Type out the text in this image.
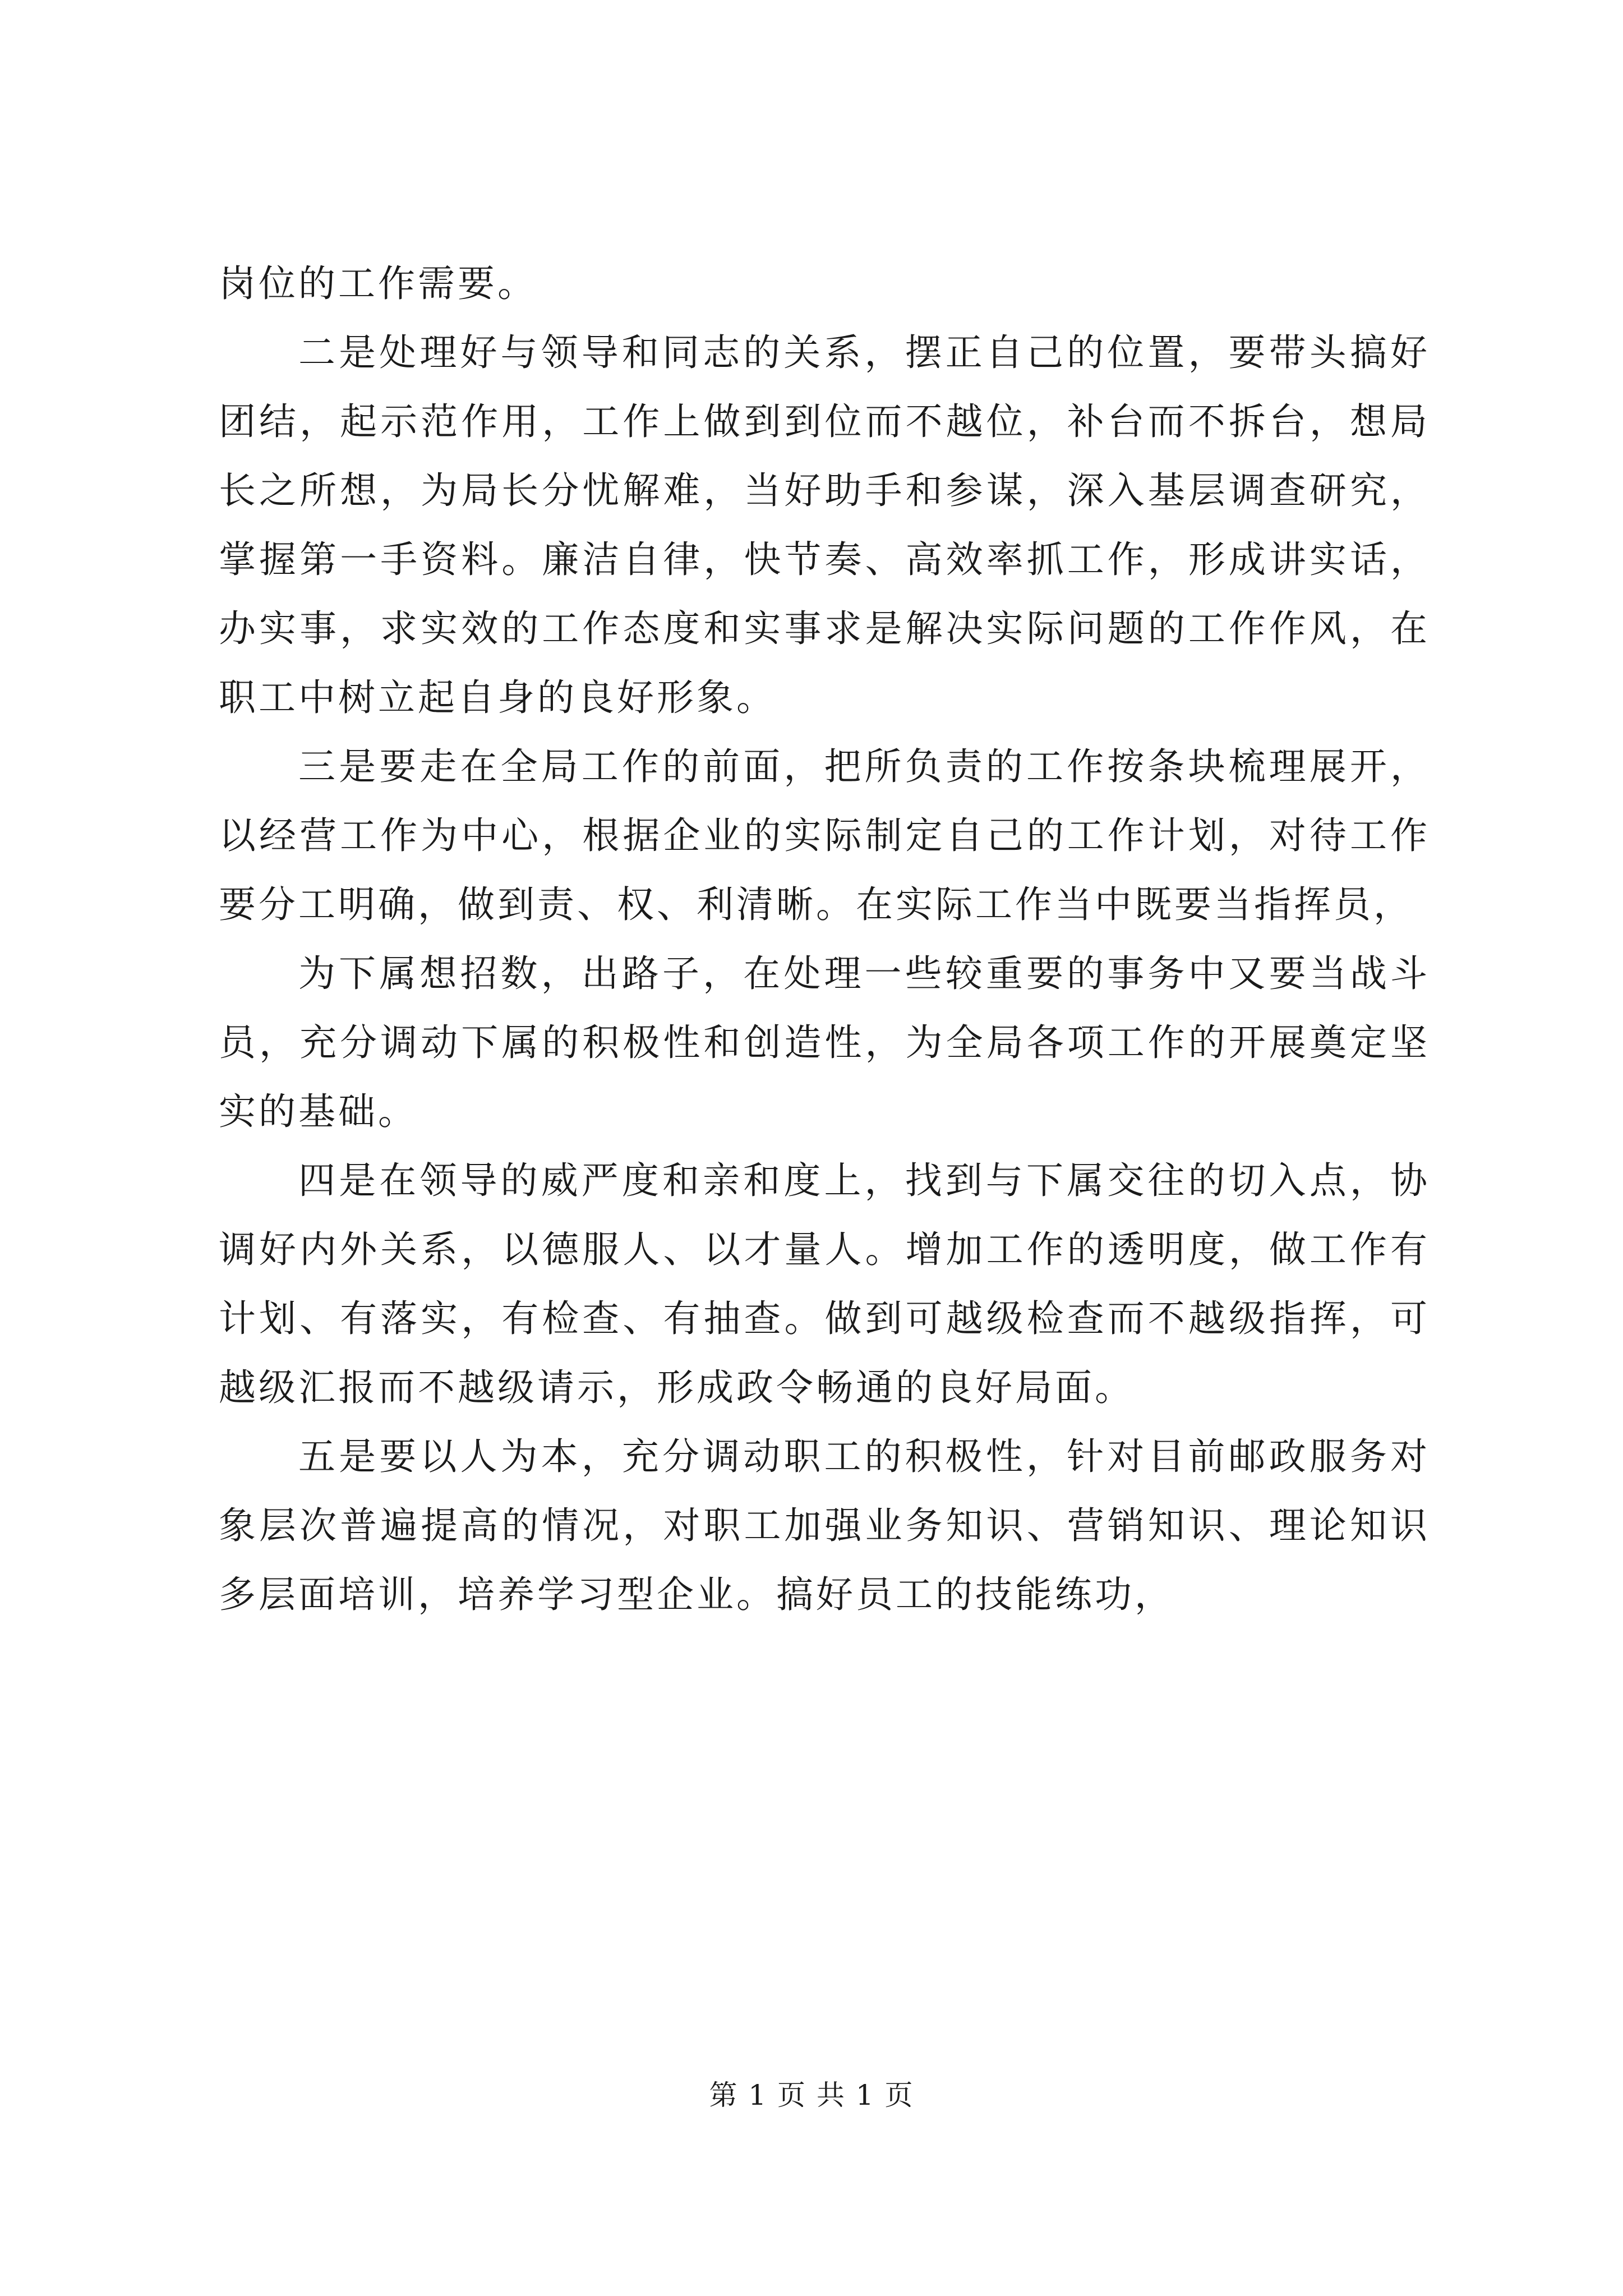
岗位的工作需要。

二是处理好与领导和同志的关系，摆正自己的位置，要带头搞好团结，起示范作用，工作上做到到位而不越位，补台而不拆台，想局长之所想，为局长分忧解难，当好助手和参谋，深入基层调查研究，掌握第一手资料。廉洁自律，快节奏、高效率抓工作，形成讲实话，办实事，求实效的工作态度和实事求是解决实际问题的工作作风，在职工中树立起自身的良好形象。

三是要走在全局工作的前面，把所负责的工作按条块梳理展开，以经营工作为中心，根据企业的实际制定自己的工作计划，对待工作要分工明确，做到责、权、利清晰。在实际工作当中既要当指挥员，

为下属想招数，出路子，在处理一些较重要的事务中又要当战斗员，充分调动下属的积极性和创造性，为全局各项工作的开展奠定坚实的基础。

四是在领导的威严度和亲和度上，找到与下属交往的切入点，协调好内外关系，以德服人、以才量人。增加工作的透明度，做工作有计划、有落实，有检查、有抽查。做到可越级检查而不越级指挥，可越级汇报而不越级请示，形成政令畅通的良好局面。

五是要以人为本，充分调动职工的积极性，针对目前邮政服务对象层次普遍提高的情况，对职工加强业务知识、营销知识、理论知识多层面培训，培养学习型企业。搞好员工的技能练功，

第 1 页 共 1 页
